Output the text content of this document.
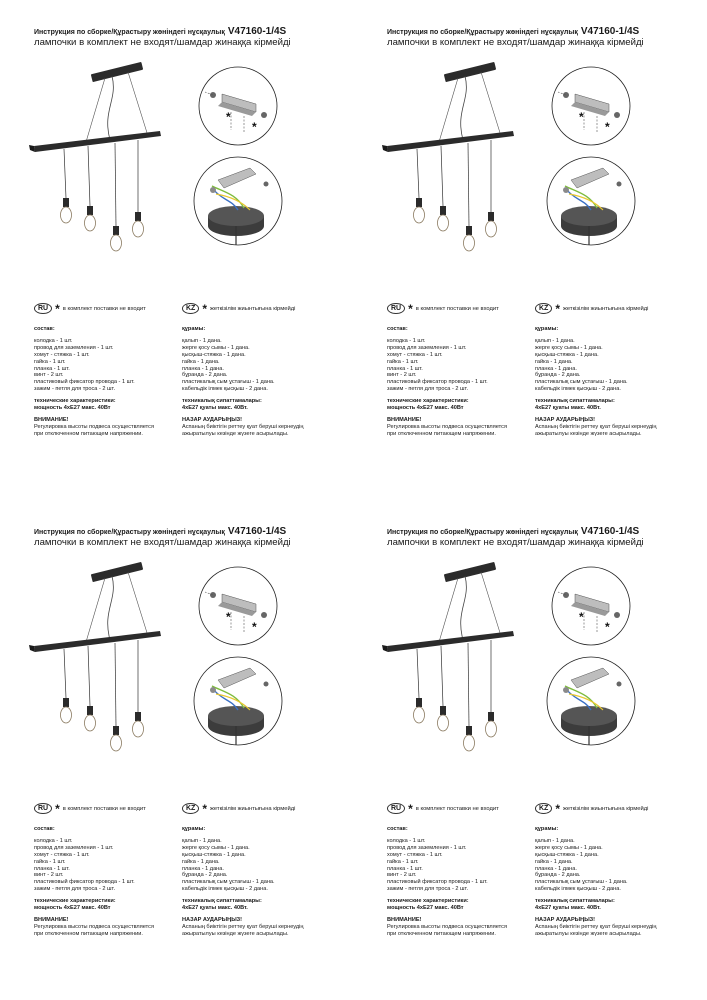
Инструкция по сборке/Құрастыру жөніндегі нұсқаулық V47160-1/4S
лампочки в комплект не входят/шамдар жинаққа кірмейді
*
*
RU * в комплект поставки не входит	KZ * жеткізілім жиынтығына кірмейді
состав:
колодка - 1 шт.
провод для заземления - 1 шт.
хомут - стяжка - 1 шт.
гайка - 1 шт.
планка - 1 шт.
винт - 2 шт.
пластиковый фиксатор провода - 1 шт.
зажим - петля для троса - 2 шт.
технические характеристики:
мощность 4хЕ27 макс. 40Вт
ВНИМАНИЕ!
Регулировка высоты подвеса осуществляется
при отключенном питающем напряжении.
құрамы:
қалып - 1 дана.
жерге қосу сымы - 1 дана.
қысқыш-стяжка - 1 дана.
гайка - 1 дана.
планка - 1 дана.
бұранда - 2 дана.
пластикалық сым ұстағыш - 1 дана.
кабельдік ілмек қысқыш - 2 дана.
техникалық сипаттамалары:
4хЕ27 қуаты макс. 40Вт.
НАЗАР АУДАРЫҢЫЗ!
Аспаның биіктігін реттеу қуат беруші кернеудің
ажыратылуы кезінде жүзеге асырылады.
Инструкция по сборке/Құрастыру жөніндегі нұсқаулық V47160-1/4S
лампочки в комплект не входят/шамдар жинаққа кірмейді
*
*
RU * в комплект поставки не входит	KZ * жеткізілім жиынтығына кірмейді
состав:
колодка - 1 шт.
провод для заземления - 1 шт.
хомут - стяжка - 1 шт.
гайка - 1 шт.
планка - 1 шт.
винт - 2 шт.
пластиковый фиксатор провода - 1 шт.
зажим - петля для троса - 2 шт.
технические характеристики:
мощность 4хЕ27 макс. 40Вт
ВНИМАНИЕ!
Регулировка высоты подвеса осуществляется
при отключенном питающем напряжении.
құрамы:
қалып - 1 дана.
жерге қосу сымы - 1 дана.
қысқыш-стяжка - 1 дана.
гайка - 1 дана.
планка - 1 дана.
бұранда - 2 дана.
пластикалық сым ұстағыш - 1 дана.
кабельдік ілмек қысқыш - 2 дана.
техникалық сипаттамалары:
4хЕ27 қуаты макс. 40Вт.
НАЗАР АУДАРЫҢЫЗ!
Аспаның биіктігін реттеу қуат беруші кернеудің
ажыратылуы кезінде жүзеге асырылады.
Инструкция по сборке/Құрастыру жөніндегі нұсқаулық V47160-1/4S
лампочки в комплект не входят/шамдар жинаққа кірмейді
*
*
RU * в комплект поставки не входит	KZ * жеткізілім жиынтығына кірмейді
состав:
колодка - 1 шт.
провод для заземления - 1 шт.
хомут - стяжка - 1 шт.
гайка - 1 шт.
планка - 1 шт.
винт - 2 шт.
пластиковый фиксатор провода - 1 шт.
зажим - петля для троса - 2 шт.
технические характеристики:
мощность 4хЕ27 макс. 40Вт
ВНИМАНИЕ!
Регулировка высоты подвеса осуществляется
при отключенном питающем напряжении.
құрамы:
қалып - 1 дана.
жерге қосу сымы - 1 дана.
қысқыш-стяжка - 1 дана.
гайка - 1 дана.
планка - 1 дана.
бұранда - 2 дана.
пластикалық сым ұстағыш - 1 дана.
кабельдік ілмек қысқыш - 2 дана.
техникалық сипаттамалары:
4хЕ27 қуаты макс. 40Вт.
НАЗАР АУДАРЫҢЫЗ!
Аспаның биіктігін реттеу қуат беруші кернеудің
ажыратылуы кезінде жүзеге асырылады.
Инструкция по сборке/Құрастыру жөніндегі нұсқаулық V47160-1/4S
лампочки в комплект не входят/шамдар жинаққа кірмейді
*
*
RU * в комплект поставки не входит	KZ * жеткізілім жиынтығына кірмейді
состав:
колодка - 1 шт.
провод для заземления - 1 шт.
хомут - стяжка - 1 шт.
гайка - 1 шт.
планка - 1 шт.
винт - 2 шт.
пластиковый фиксатор провода - 1 шт.
зажим - петля для троса - 2 шт.
технические характеристики:
мощность 4хЕ27 макс. 40Вт
ВНИМАНИЕ!
Регулировка высоты подвеса осуществляется
при отключенном питающем напряжении.
құрамы:
қалып - 1 дана.
жерге қосу сымы - 1 дана.
қысқыш-стяжка - 1 дана.
гайка - 1 дана.
планка - 1 дана.
бұранда - 2 дана.
пластикалық сым ұстағыш - 1 дана.
кабельдік ілмек қысқыш - 2 дана.
техникалық сипаттамалары:
4хЕ27 қуаты макс. 40Вт.
НАЗАР АУДАРЫҢЫЗ!
Аспаның биіктігін реттеу қуат беруші кернеудің
ажыратылуы кезінде жүзеге асырылады.
